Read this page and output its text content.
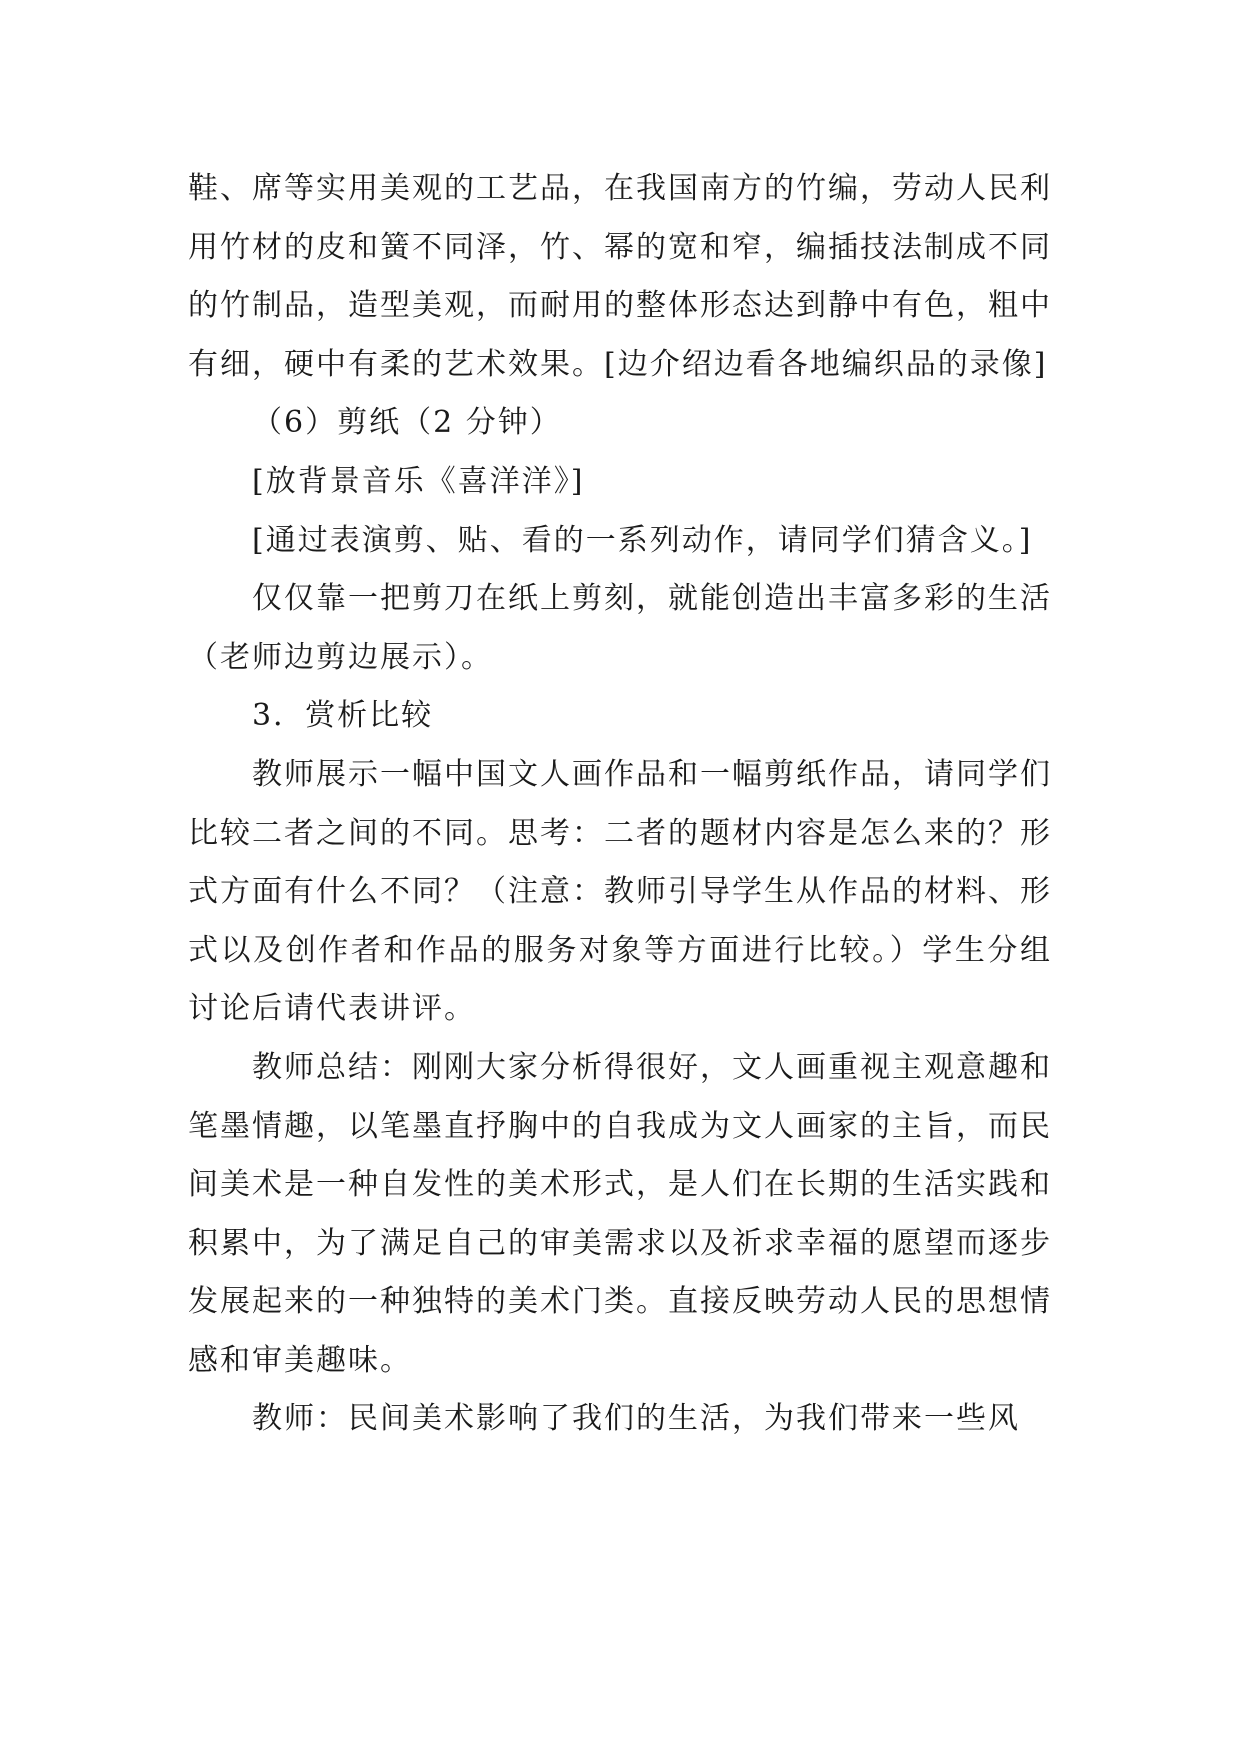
鞋、席等实用美观的工艺品，在我国南方的竹编，劳动人民利用竹材的皮和簧不同泽，竹、幂的宽和窄，编插技法制成不同的竹制品，造型美观，而耐用的整体形态达到静中有色，粗中有细，硬中有柔的艺术效果。[边介绍边看各地编织品的录像]

（6）剪纸（2 分钟）

[放背景音乐《喜洋洋》]

[通过表演剪、贴、看的一系列动作，请同学们猜含义。]

仅仅靠一把剪刀在纸上剪刻，就能创造出丰富多彩的生活（老师边剪边展示）。

3．赏析比较

教师展示一幅中国文人画作品和一幅剪纸作品，请同学们比较二者之间的不同。思考：二者的题材内容是怎么来的？形式方面有什么不同？（注意：教师引导学生从作品的材料、形式以及创作者和作品的服务对象等方面进行比较。）学生分组讨论后请代表讲评。

教师总结：刚刚大家分析得很好，文人画重视主观意趣和笔墨情趣，以笔墨直抒胸中的自我成为文人画家的主旨，而民间美术是一种自发性的美术形式，是人们在长期的生活实践和积累中，为了满足自己的审美需求以及祈求幸福的愿望而逐步发展起来的一种独特的美术门类。直接反映劳动人民的思想情感和审美趣味。

教师：民间美术影响了我们的生活，为我们带来一些风
